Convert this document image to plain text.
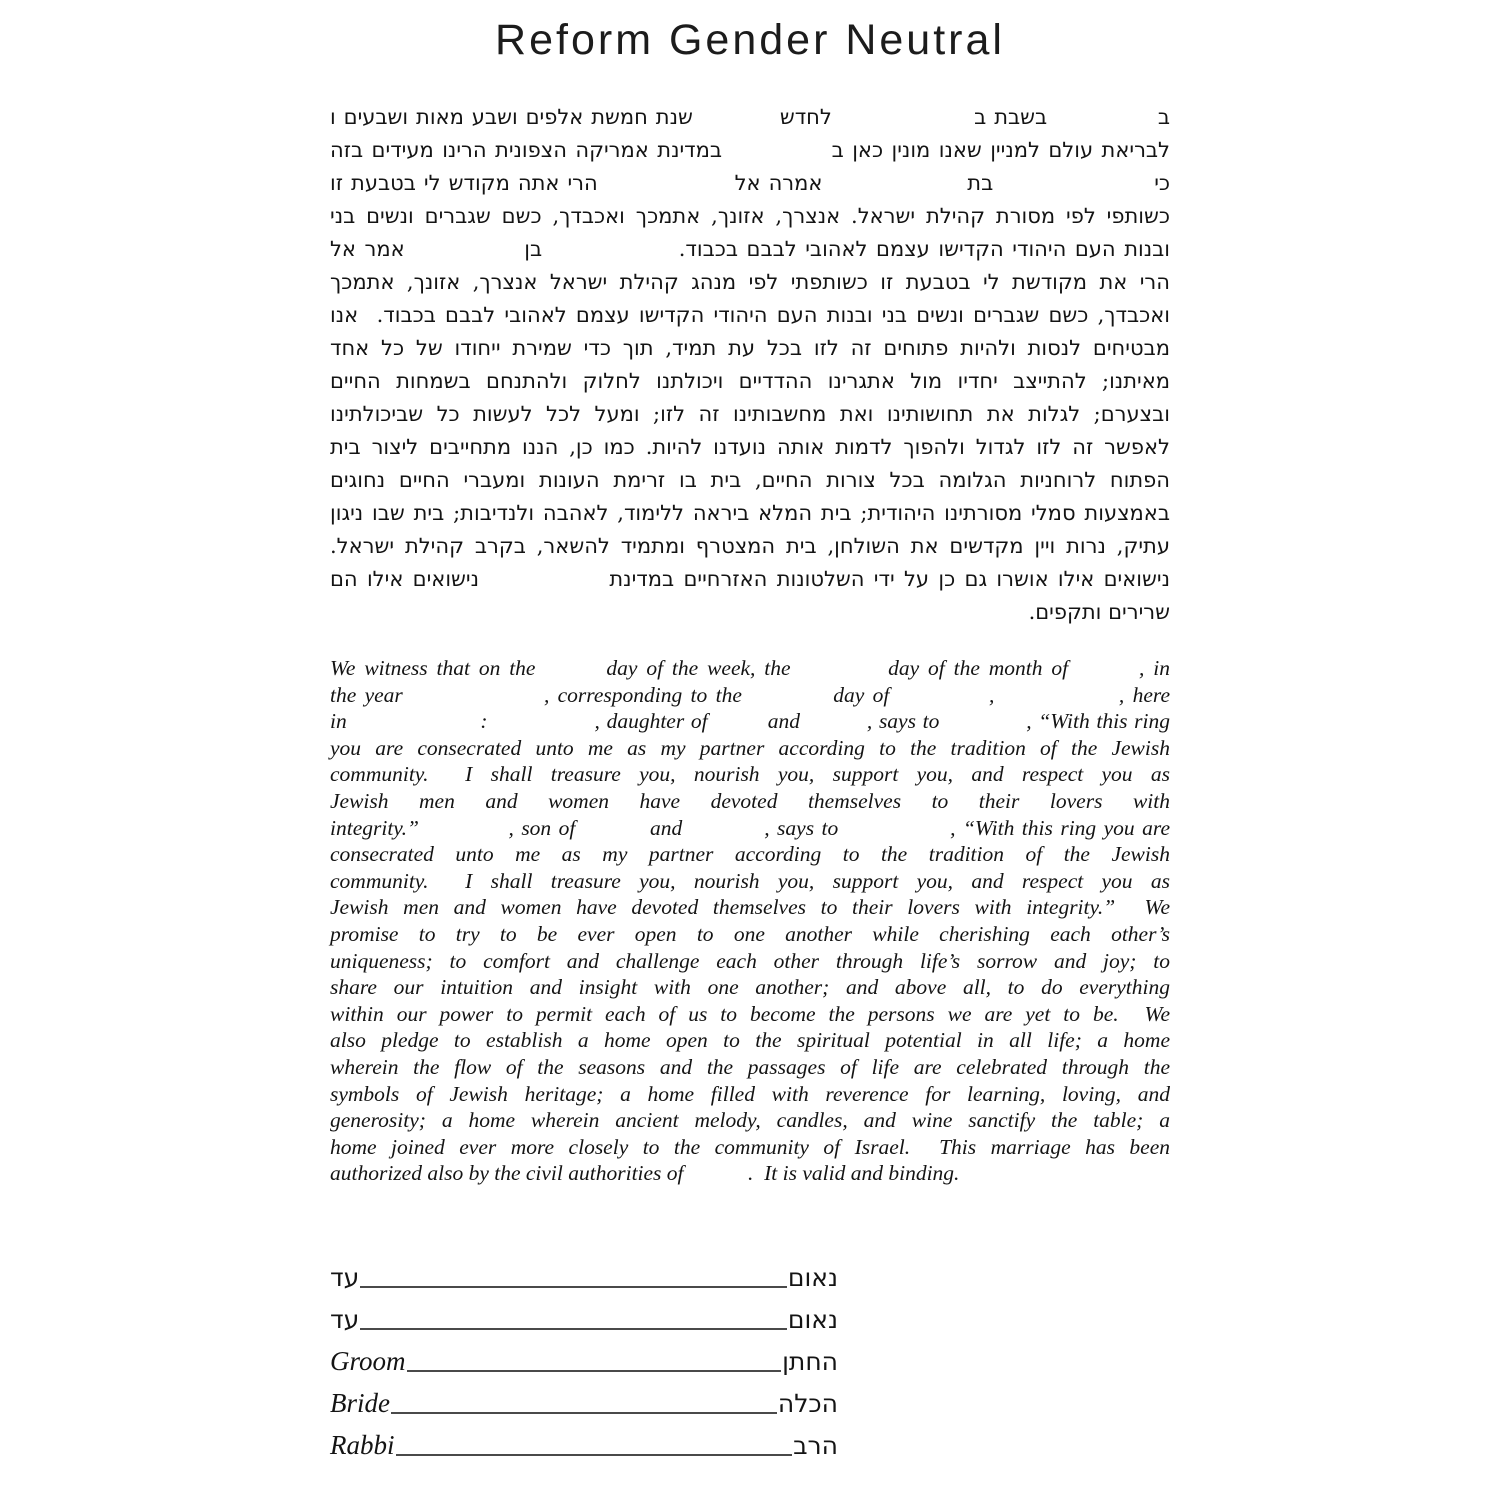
Reform Gender Neutral
ב              בשבת ב                  לחדש           שנת חמשת אלפים ושבע מאות ושבעים ו
לבריאת עולם למניין שאנו מונין כאן ב             במדינת אמריקה הצפונית הרינו מעידים בזה
כי                    בת                  אמרה אל                 הרי אתה מקודש לי בטבעת זו
כשותפי לפי מסורת קהילת ישראל. אנצרך, אזונך, אתמכך ואכבדך, כשם שגברים ונשים בני
ובנות העם היהודי הקדישו עצמם לאהובי לבבם בכבוד.                בן              אמר אל
הרי את מקודשת לי בטבעת זו כשותפתי לפי מנהג קהילת ישראל אנצרך, אזונך, אתמכך
ואכבדך, כשם שגברים ונשים בני ובנות העם היהודי הקדישו עצמם לאהובי לבבם בכבוד.  אנו
מבטיחים לנסות ולהיות פתוחים זה לזו בכל עת תמיד, תוך כדי שמירת ייחודו של כל אחד
מאיתנו; להתייצב יחדיו מול אתגרינו ההדדיים ויכולתנו לחלוק ולהתנחם בשמחות החיים
ובצערם; לגלות את תחושותינו ואת מחשבותינו זה לזו; ומעל לכל לעשות כל שביכולתינו
לאפשר זה לזו לגדול ולהפוך לדמות אותה נועדנו להיות. כמו כן, הננו מתחייבים ליצור בית
הפתוח לרוחניות הגלומה בכל צורות החיים, בית בו זרימת העונות ומעברי החיים נחוגים
באמצעות סמלי מסורתינו היהודית; בית המלא ביראה ללימוד, לאהבה ולנדיבות; בית שבו ניגון
עתיק, נרות ויין מקדשים את השולחן, בית המצטרף ומתמיד להשאר, בקרב קהילת ישראל.
נישואים אילו אושרו גם כן על ידי השלטונות האזרחיים במדינת              נישואים אילו הם
שרירים ותקפים.
We witness that on the        day of the week, the           day of the month of        , in
the year                 , corresponding to the           day of            ,               , here
in                    :                , daughter of         and          , says to             , “With this ring
you are consecrated unto me as my partner according to the tradition of the Jewish
community.  I shall treasure you, nourish you, support you, and respect you as
Jewish men and women have devoted themselves to their lovers with
integrity.”            , son of          and           , says to               , “With this ring you are
consecrated unto me as my partner according to the tradition of the Jewish
community.  I shall treasure you, nourish you, support you, and respect you as
Jewish men and women have devoted themselves to their lovers with integrity.”  We
promise to try to be ever open to one another while cherishing each other’s
uniqueness; to comfort and challenge each other through life’s sorrow and joy; to
share our intuition and insight with one another; and above all, to do everything
within our power to permit each of us to become the persons we are yet to be.  We
also pledge to establish a home open to the spiritual potential in all life; a home
wherein the flow of the seasons and the passages of life are celebrated through the
symbols of Jewish heritage; a home filled with reverence for learning, loving, and
generosity; a home wherein ancient melody, candles, and wine sanctify the table; a
home joined ever more closely to the community of Israel.  This marriage has been
authorized also by the civil authorities of            .  It is valid and binding.
עד	נאום
עד	נאום
Groom	החתן
Bride	הכלה
Rabbi	הרב
